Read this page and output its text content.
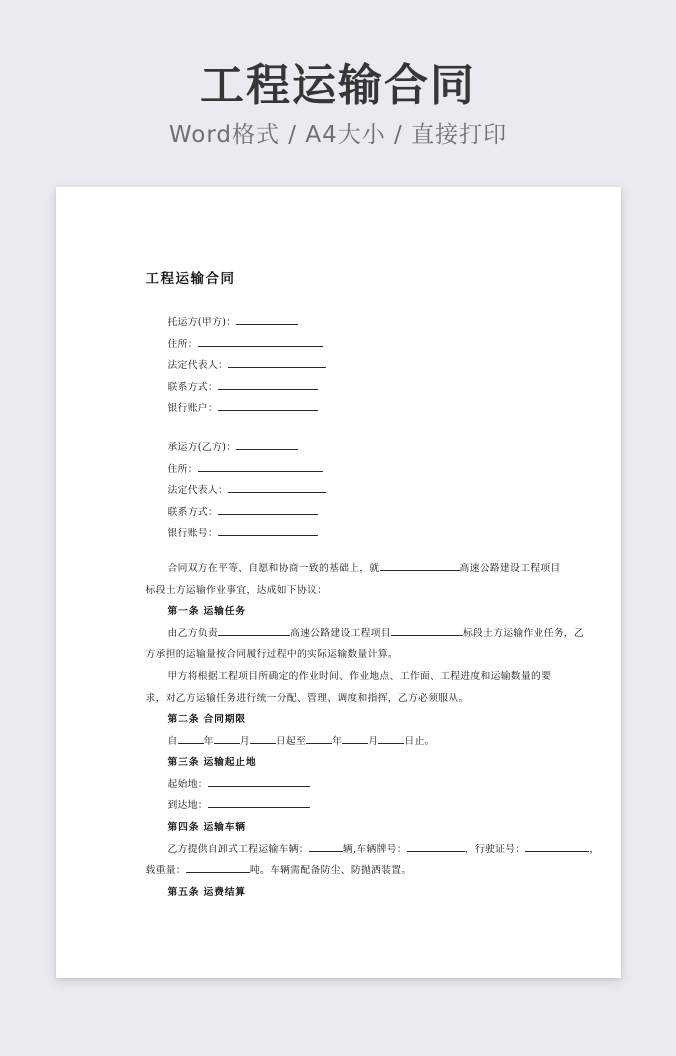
工程运输合同
Word格式 / A4大小 / 直接打印
工程运输合同
托运方(甲方)：
住所：
法定代表人：
联系方式：
银行账户：
承运方(乙方)：
住所：
法定代表人：
联系方式：
银行账号：
合同双方在平等、自愿和协商一致的基础上，就	高速公路建设工程项目
标段土方运输作业事宜，达成如下协议：
第一条 运输任务
由乙方负责	高速公路建设工程项目	标段土方运输作业任务，乙
方承担的运输量按合同履行过程中的实际运输数量计算。
甲方将根据工程项目所确定的作业时间、作业地点、工作面、工程进度和运输数量的要
求，对乙方运输任务进行统一分配、管理、调度和指挥，乙方必须服从。
第二条 合同期限
自	年	月	日起至	年	月	日止。
第三条 运输起止地
起始地：
到达地：
第四条 运输车辆
乙方提供自卸式工程运输车辆：	辆,车辆牌号：	，行驶证号：	，
载重量：	吨。车辆需配备防尘、防抛洒装置。
第五条 运费结算
